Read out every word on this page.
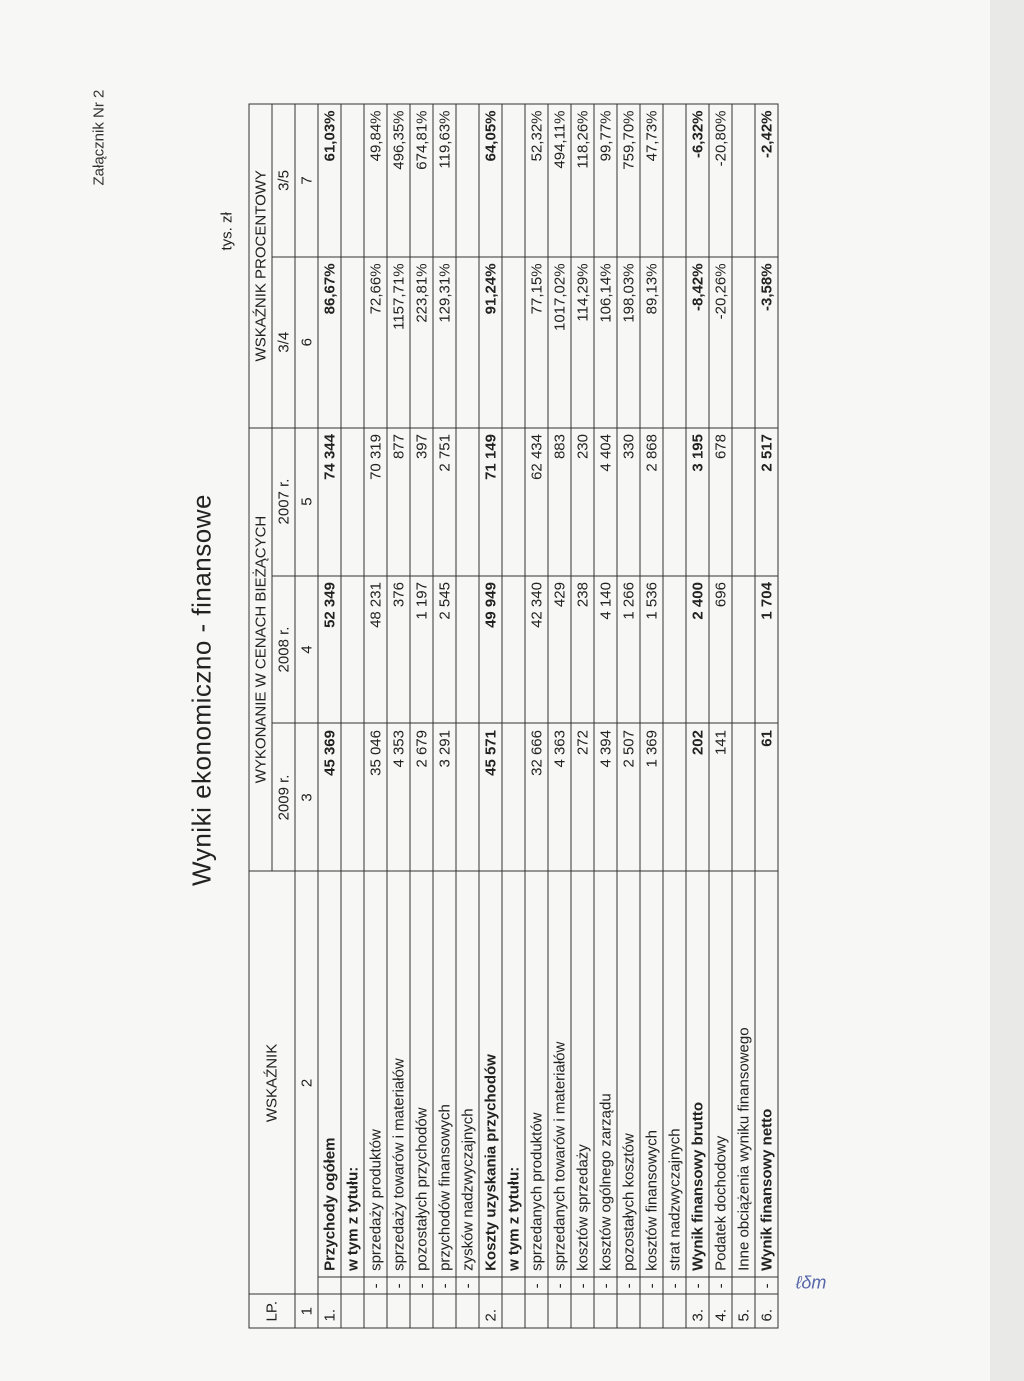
Załącznik Nr 2
Wyniki ekonomiczno - finansowe
tys. zł
LP.	WSKAŹNIK		WYKONANIE W CENACH BIEŻĄCYCH			WSKAŹNIK PROCENTOWY	
			2009 r.	2008 r.	2007 r.	3/4	3/5
1	2		3	4	5	6	7
1.		Przychody ogółem	45 369	52 349	74 344	86,67%	61,03%
		w tym z tytułu:					
	-	sprzedaży produktów	35 046	48 231	70 319	72,66%	49,84%
	-	sprzedaży towarów i materiałów	4 353	376	877	1157,71%	496,35%
	-	pozostałych przychodów	2 679	1 197	397	223,81%	674,81%
	-	przychodów finansowych	3 291	2 545	2 751	129,31%	119,63%
	-	zysków nadzwyczajnych					
2.		Koszty uzyskania przychodów	45 571	49 949	71 149	91,24%	64,05%
		w tym z tytułu:					
	-	sprzedanych produktów	32 666	42 340	62 434	77,15%	52,32%
	-	sprzedanych towarów i materiałów	4 363	429	883	1017,02%	494,11%
	-	kosztów sprzedaży	272	238	230	114,29%	118,26%
	-	kosztów ogólnego zarządu	4 394	4 140	4 404	106,14%	99,77%
	-	pozostałych kosztów	2 507	1 266	330	198,03%	759,70%
	-	kosztów finansowych	1 369	1 536	2 868	89,13%	47,73%
	-	strat nadzwyczajnych					
3.	-	Wynik finansowy brutto	202	2 400	3 195	-8,42%	-6,32%
4.	-	Podatek dochodowy	141	696	678	-20,26%	-20,80%
5.		Inne obciążenia wyniku finansowego					
6.	-	Wynik finansowy netto	61	1 704	2 517	-3,58%	-2,42%
ℓδm
